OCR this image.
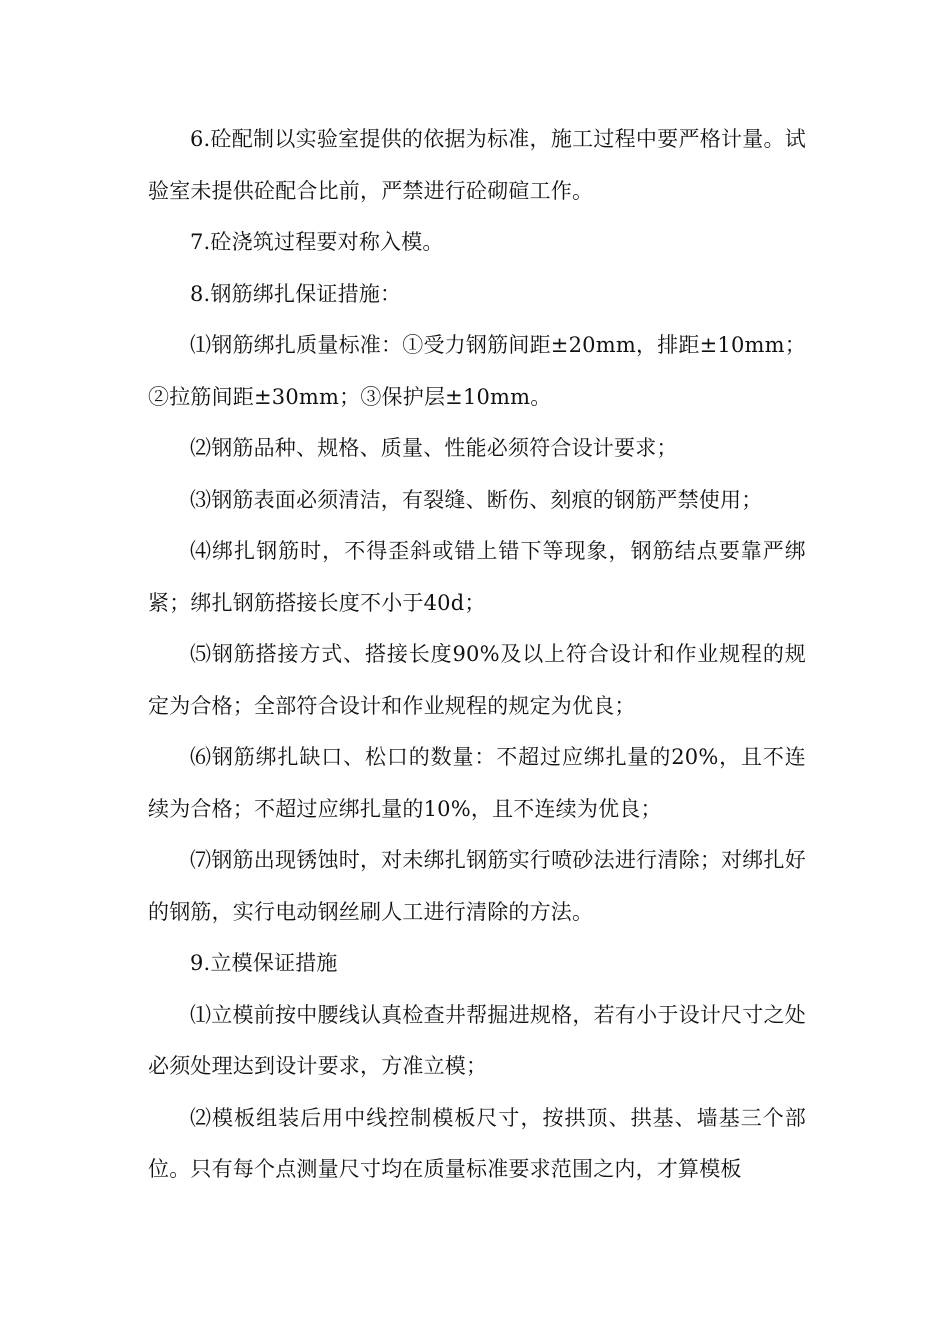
6.砼配制以实验室提供的依据为标准，施工过程中要严格计量。试验室未提供砼配合比前，严禁进行砼砌碹工作。

7.砼浇筑过程要对称入模。

8.钢筋绑扎保证措施：

⑴钢筋绑扎质量标准：①受力钢筋间距±20mm，排距±10mm；②拉筋间距±30mm；③保护层±10mm。

⑵钢筋品种、规格、质量、性能必须符合设计要求；

⑶钢筋表面必须清洁，有裂缝、断伤、刻痕的钢筋严禁使用；

⑷绑扎钢筋时，不得歪斜或错上错下等现象，钢筋结点要靠严绑紧；绑扎钢筋搭接长度不小于40d；

⑸钢筋搭接方式、搭接长度90%及以上符合设计和作业规程的规定为合格；全部符合设计和作业规程的规定为优良；

⑹钢筋绑扎缺口、松口的数量：不超过应绑扎量的20%，且不连续为合格；不超过应绑扎量的10%，且不连续为优良；

⑺钢筋出现锈蚀时，对未绑扎钢筋实行喷砂法进行清除；对绑扎好的钢筋，实行电动钢丝刷人工进行清除的方法。

9.立模保证措施

⑴立模前按中腰线认真检查井帮掘进规格，若有小于设计尺寸之处必须处理达到设计要求，方准立模；

⑵模板组装后用中线控制模板尺寸，按拱顶、拱基、墙基三个部位。只有每个点测量尺寸均在质量标准要求范围之内，才算模板
